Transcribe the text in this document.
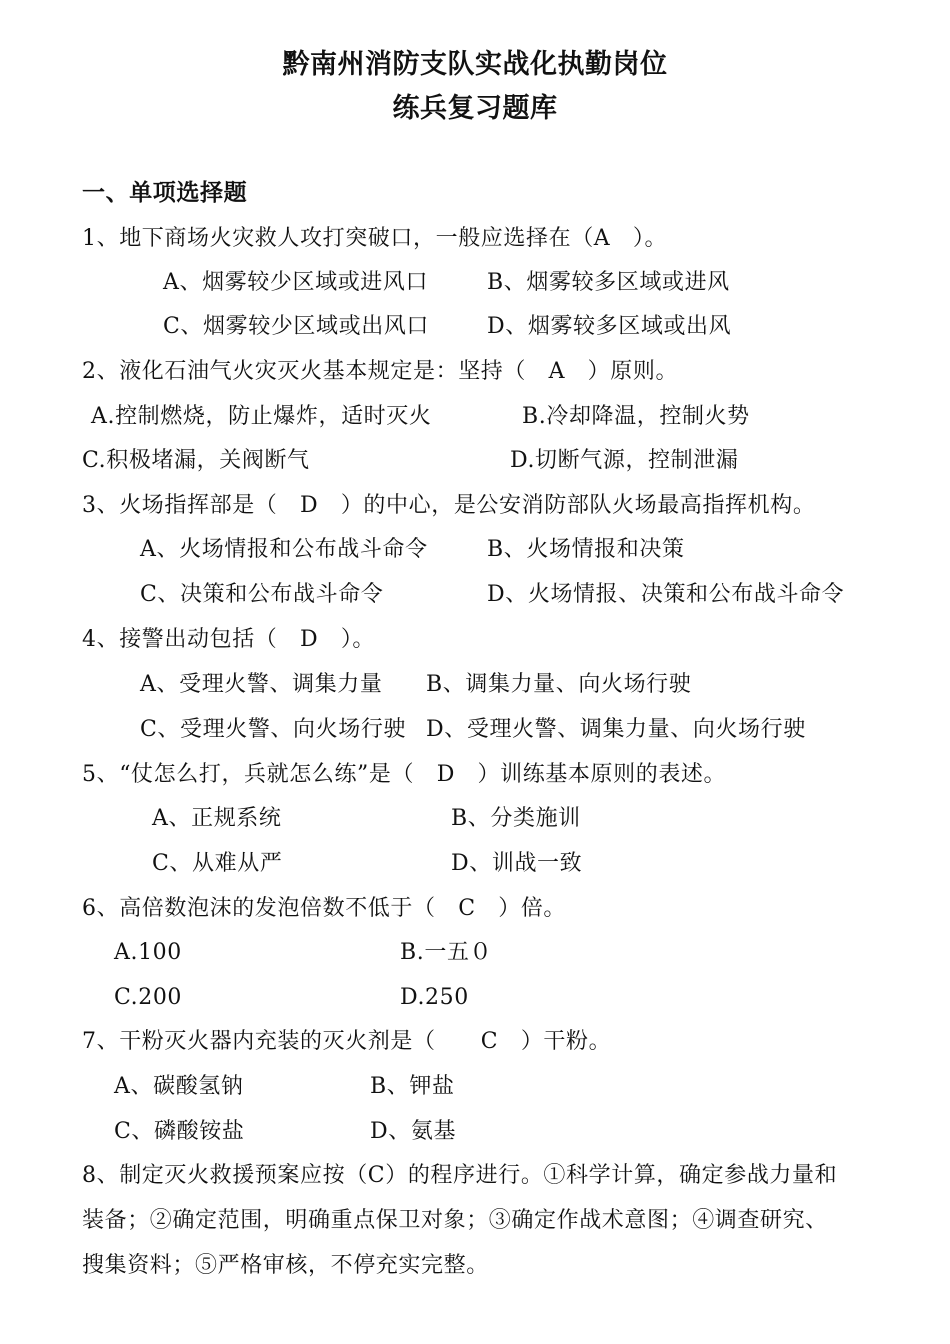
黔南州消防支队实战化执勤岗位
练兵复习题库
一、单项选择题
1、地下商场火灾救人攻打突破口，一般应选择在（A　）。
A、烟雾较少区域或进风口	B、烟雾较多区域或进风
C、烟雾较少区域或出风口	D、烟雾较多区域或出风
2、液化石油气火灾灭火基本规定是：坚持（　A　）原则。
A.控制燃烧，防止爆炸，适时灭火	B.冷却降温，控制火势
C.积极堵漏，关阀断气	D.切断气源，控制泄漏
3、火场指挥部是（　D　）的中心，是公安消防部队火场最高指挥机构。
A、火场情报和公布战斗命令	B、火场情报和决策
C、决策和公布战斗命令	D、火场情报、决策和公布战斗命令
4、接警出动包括（　D　）。
A、受理火警、调集力量 B、调集力量、向火场行驶
C、受理火警、向火场行驶 D、受理火警、调集力量、向火场行驶
5、“仗怎么打，兵就怎么练”是（　D　）训练基本原则的表述。
A、正规系统	B、分类施训
C、从难从严	D、训战一致
6、高倍数泡沫的发泡倍数不低于（　C　）倍。
A.100	B.一五０
C.200	D.250
7、干粉灭火器内充装的灭火剂是（　　C　）干粉。
A、碳酸氢钠	B、钾盐
C、磷酸铵盐	D、氨基
8、制定灭火救援预案应按（C）的程序进行。①科学计算，确定参战力量和
装备；②确定范围，明确重点保卫对象；③确定作战术意图；④调查研究、
搜集资料；⑤严格审核，不停充实完整。
